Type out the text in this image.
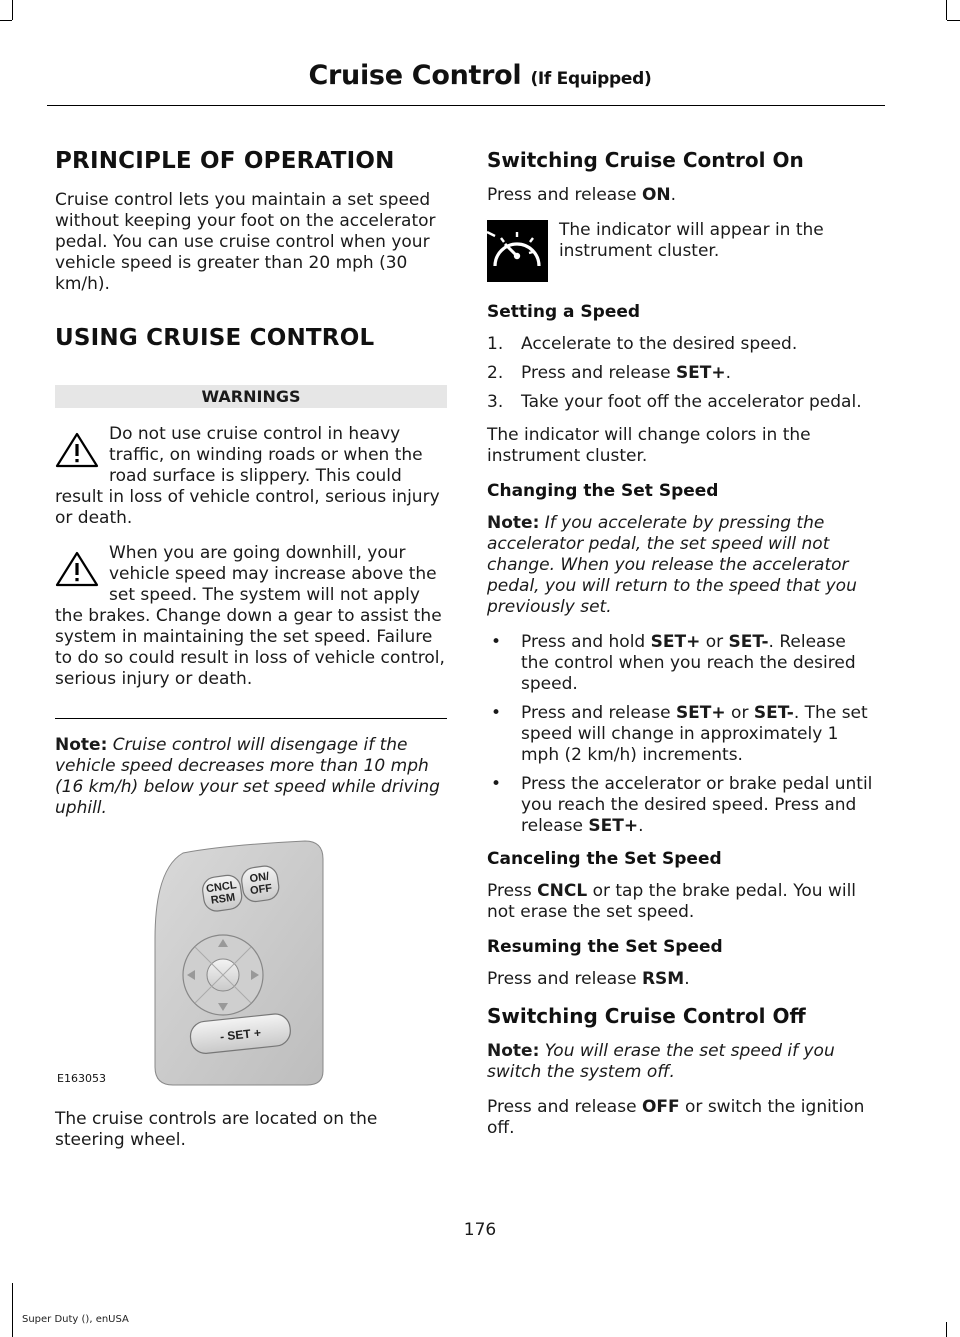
Cruise Control (If Equipped)
PRINCIPLE OF OPERATION

Cruise control lets you maintain a set speed without keeping your foot on the accelerator pedal. You can use cruise control when your vehicle speed is greater than 20 mph (30 km/h).

USING CRUISE CONTROL
WARNINGS
Do not use cruise control in heavy traffic, on winding roads or when the road surface is slippery. This could result in loss of vehicle control, serious injury or death.
When you are going downhill, your vehicle speed may increase above the set speed. The system will not apply the brakes. Change down a gear to assist the system in maintaining the set speed. Failure to do so could result in loss of vehicle control, serious injury or death.

Note: Cruise control will disengage if the vehicle speed decreases more than 10 mph (16 km/h) below your set speed while driving uphill.

CNCL
RSM
ON/
OFF
- SET +
E163053

The cruise controls are located on the steering wheel.

Switching Cruise Control On

Press and release ON.

The indicator will appear in the instrument cluster.

Setting a Speed
1.	Accelerate to the desired speed.
2.	Press and release SET+.
3.	Take your foot off the accelerator pedal.

The indicator will change colors in the instrument cluster.

Changing the Set Speed

Note: If you accelerate by pressing the accelerator pedal, the set speed will not change. When you release the accelerator pedal, you will return to the speed that you previously set.

•	Press and hold SET+ or SET-. Release the control when you reach the desired speed.
•	Press and release SET+ or SET-. The set speed will change in approximately 1 mph (2 km/h) increments.
•	Press the accelerator or brake pedal until you reach the desired speed. Press and release SET+.
Canceling the Set Speed

Press CNCL or tap the brake pedal. You will not erase the set speed.

Resuming the Set Speed

Press and release RSM.

Switching Cruise Control Off

Note: You will erase the set speed if you switch the system off.

Press and release OFF or switch the ignition off.

176
Super Duty (), enUSA
